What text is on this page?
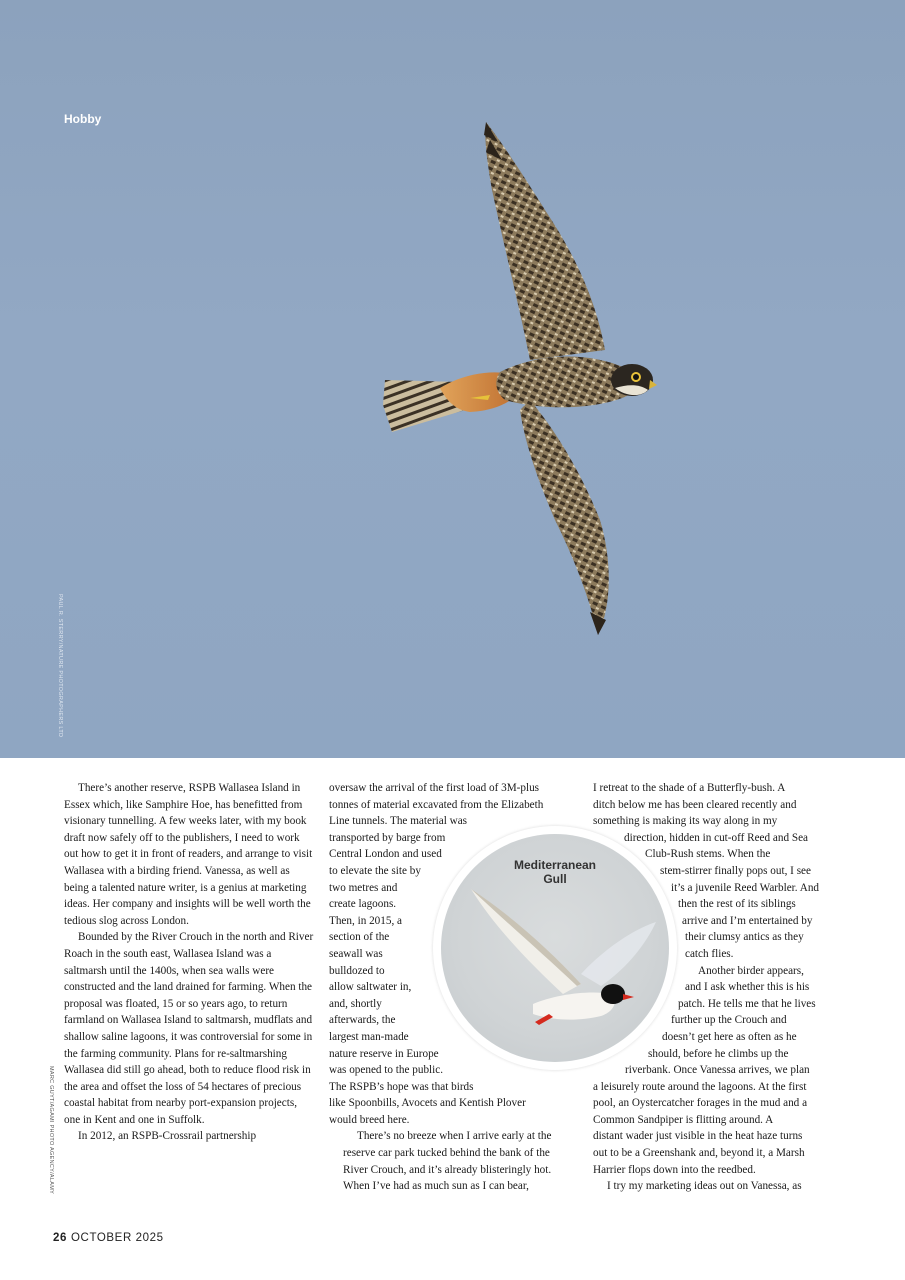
Hobby
PAUL R. STERRY/NATURE PHOTOGRAPHERS LTD

There’s another reserve, RSPB Wallasea Island in Essex which, like Samphire Hoe, has benefitted from visionary tunnelling. A few weeks later, with my book draft now safely off to the publishers, I need to work out how to get it in front of readers, and arrange to visit Wallasea with a birding friend. Vanessa, as well as being a talented nature writer, is a genius at marketing ideas. Her company and insights will be well worth the tedious slog across London.

Bounded by the River Crouch in the north and River Roach in the south east, Wallasea Island was a saltmarsh until the 1400s, when sea walls were constructed and the land drained for farming. When the proposal was floated, 15 or so years ago, to return farmland on Wallasea Island to saltmarsh, mudflats and shallow saline lagoons, it was controversial for some in the farming community. Plans for re-saltmarshing Wallasea did still go ahead, both to reduce flood risk in the area and offset the loss of 54 hectares of precious coastal habitat from nearby port-expansion projects, one in Kent and one in Suffolk.

In 2012, an RSPB-Crossrail partnership

oversaw the arrival of the first load of 3M-plus
tonnes of material excavated from the Elizabeth
Line tunnels. The material was
transported by barge from
Central London and used
to elevate the site by
two metres and
create lagoons.
Then, in 2015, a
section of the
seawall was
bulldozed to
allow saltwater in,
and, shortly
afterwards, the
largest man-made
nature reserve in Europe
was opened to the public.
The RSPB’s hope was that birds
like Spoonbills, Avocets and Kentish Plover
would breed here.
There’s no breeze when I arrive early at the
reserve car park tucked behind the bank of the
River Crouch, and it’s already blisteringly hot.
When I’ve had as much sun as I can bear,
I retreat to the shade of a Butterfly-bush. A
ditch below me has been cleared recently and
something is making its way along in my
direction, hidden in cut-off Reed and Sea
Club-Rush stems. When the
stem-stirrer finally pops out, I see
it’s a juvenile Reed Warbler. And
then the rest of its siblings
arrive and I’m entertained by
their clumsy antics as they
catch flies.
Another birder appears,
and I ask whether this is his
patch. He tells me that he lives
further up the Crouch and
doesn’t get here as often as he
should, before he climbs up the
riverbank. Once Vanessa arrives, we plan
a leisurely route around the lagoons. At the first
pool, an Oystercatcher forages in the mud and a
Common Sandpiper is flitting around. A
distant wader just visible in the heat haze turns
out to be a Greenshank and, beyond it, a Marsh
Harrier flops down into the reedbed.
I try my marketing ideas out on Vanessa, as
Mediterranean
Gull
MARC GUYT/AGAMI PHOTO AGENCY/ALAMY
26 OCTOBER 2025
